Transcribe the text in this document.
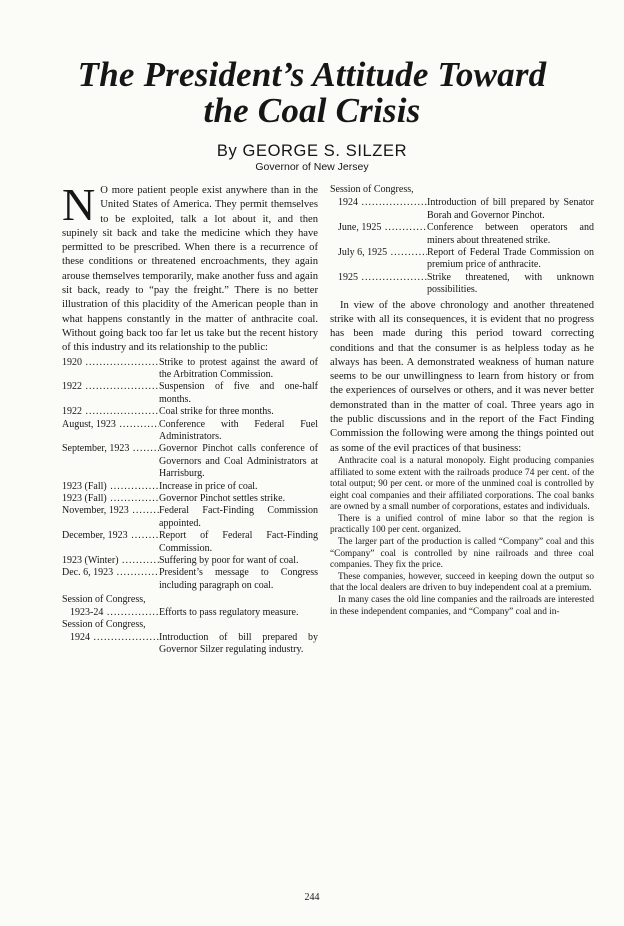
The President’s Attitude Toward
the Coal Crisis
By GEORGE S. SILZER
Governor of New Jersey

N O more patient people exist anywhere than in the United States of America. They permit themselves to be exploited, talk a lot about it, and then supinely sit back and take the medicine which they have permitted to be prescribed. When there is a recurrence of these conditions or threatened encroachments, they again arouse themselves temporarily, make another fuss and again sit back, ready to “pay the freight.” There is no better illustration of this placidity of the American people than in what happens constantly in the matter of anthracite coal. Without going back too far let us take but the recent history of this industry and its relationship to the public:

1920 .....	Strike to protest against the award of the Arbitration Commission.
1922 .....	Suspension of five and one-half months.
1922 .....	Coal strike for three months.
August, 1923 .....	Conference with Federal Fuel Administrators.
September, 1923 .....	Governor Pinchot calls conference of Governors and Coal Administrators at Harrisburg.
1923 (Fall) .....	Increase in price of coal.
1923 (Fall) .....	Governor Pinchot settles strike.
November, 1923 .....	Federal Fact-Finding Commission appointed.
December, 1923 .....	Report of Federal Fact-Finding Commission.
1923 (Winter) .....	Suffering by poor for want of coal.
Dec. 6, 1923 .....	President’s message to Congress including paragraph on coal.
Session of Congress,
1923-24 .....	Efforts to pass regulatory measure.
Session of Congress,
1924 .....	Introduction of bill prepared by Governor Silzer regulating industry.
Session of Congress,
1924 .....	Introduction of bill prepared by Senator Borah and Governor Pinchot.
June, 1925 .....	Conference between operators and miners about threatened strike.
July 6, 1925 .....	Report of Federal Trade Commission on premium price of anthracite.
1925 .....	Strike threatened, with unknown possibilities.

In view of the above chronology and another threatened strike with all its consequences, it is evident that no progress has been made during this period toward correcting conditions and that the consumer is as helpless today as he always has been. A demonstrated weakness of human nature seems to be our unwillingness to learn from history or from the experiences of ourselves or others, and it was never better demonstrated than in the matter of coal. Three years ago in the public discussions and in the report of the Fact Finding Commission the following were among the things pointed out as some of the evil practices of that business:

Anthracite coal is a natural monopoly. Eight producing companies affiliated to some extent with the railroads produce 74 per cent. of the total output; 90 per cent. or more of the unmined coal is controlled by eight coal companies and their affiliated corporations. The coal banks are owned by a small number of corporations, estates and individuals.

There is a unified control of mine labor so that the region is practically 100 per cent. organized.

The larger part of the production is called “Company” coal and this “Company” coal is controlled by nine railroads and three coal companies. They fix the price.

These companies, however, succeed in keeping down the output so that the local dealers are driven to buy independent coal at a premium.

In many cases the old line companies and the railroads are interested in these independent companies, and “Company” coal and in-

244
